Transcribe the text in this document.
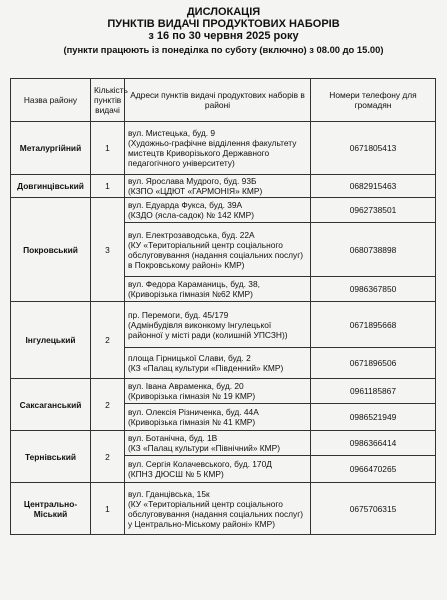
ДИСЛОКАЦІЯ
ПУНКТІВ ВИДАЧІ ПРОДУКТОВИХ НАБОРІВ
з 16 по 30 червня 2025 року
(пункти працюють із понеділка по суботу (включно) з 08.00 до 15.00)
Назва району	Кількість пунктів видачі	Адреси пунктів видачі продуктових наборів в районі	Номери телефону для громадян
Металургійний	1	вул. Мистецька, буд. 9
(Художньо-графічне відділення факультету мистецтв Криворізького Державного педагогічного університету)	0671805413
Довгинцівський	1	вул. Ярослава Мудрого, буд. 93Б
(КЗПО «ЦДЮТ «ГАРМОНІЯ» КМР)	0682915463
Покровський	3	вул. Едуарда Фукса, буд. 39А
(КЗДО (ясла-садок) № 142 КМР)	0962738501
		вул. Електрозаводська, буд. 22А
(КУ «Територіальний центр соціального обслуговування (надання соціальних послуг) в Покровському районі» КМР)	0680738898
		вул. Федора Караманиць, буд. 38,
(Криворізька гімназія №62 КМР)	0986367850
Інгулецький	2	пр. Перемоги, буд. 45/179
(Адмінбудівля виконкому Інгулецької районної у місті ради (колишній УПСЗН))	0671895668
		площа Гірницької Слави, буд. 2
(КЗ «Палац культури «Південний» КМР)	0671896506
Саксаганський	2	вул. Івана Авраменка, буд. 20
(Криворізька гімназія № 19 КМР)	0961185867
		вул. Олексія Різниченка, буд. 44А
(Криворізька гімназія № 41 КМР)	0986521949
Тернівський	2	вул. Ботанічна, буд. 1В
(КЗ «Палац культури «Північний» КМР)	0986366414
		вул. Сергія Колачевського, буд. 170Д
(КПНЗ ДЮСШ № 5 КМР)	0966470265
Центрально-Міський	1	вул. Гданцівська, 15к
(КУ «Територіальний центр соціального обслуговування (надання соціальних послуг) у Центрально-Міському районі» КМР)	0675706315
